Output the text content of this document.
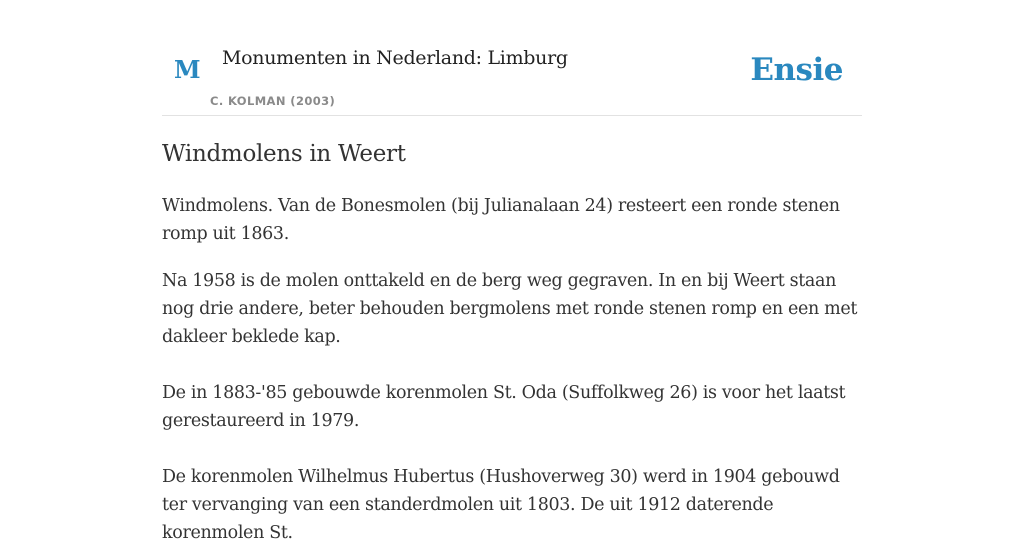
M Monumenten in Nederland: Limburg
C. KOLMAN (2003)
Ensie
Windmolens in Weert

Windmolens. Van de Bonesmolen (bij Julianalaan 24) resteert een ronde stenen romp uit 1863.

Na 1958 is de molen onttakeld en de berg weg gegraven. In en bij Weert staan nog drie andere, beter behouden bergmolens met ronde stenen romp en een met dakleer beklede kap.

De in 1883-'85 gebouwde korenmolen St. Oda (Suffolkweg 26) is voor het laatst gerestaureerd in 1979.

De korenmolen Wilhelmus Hubertus (Hushoverweg 30) werd in 1904 gebouwd ter vervanging van een standerdmolen uit 1803. De uit 1912 daterende korenmolen St.
